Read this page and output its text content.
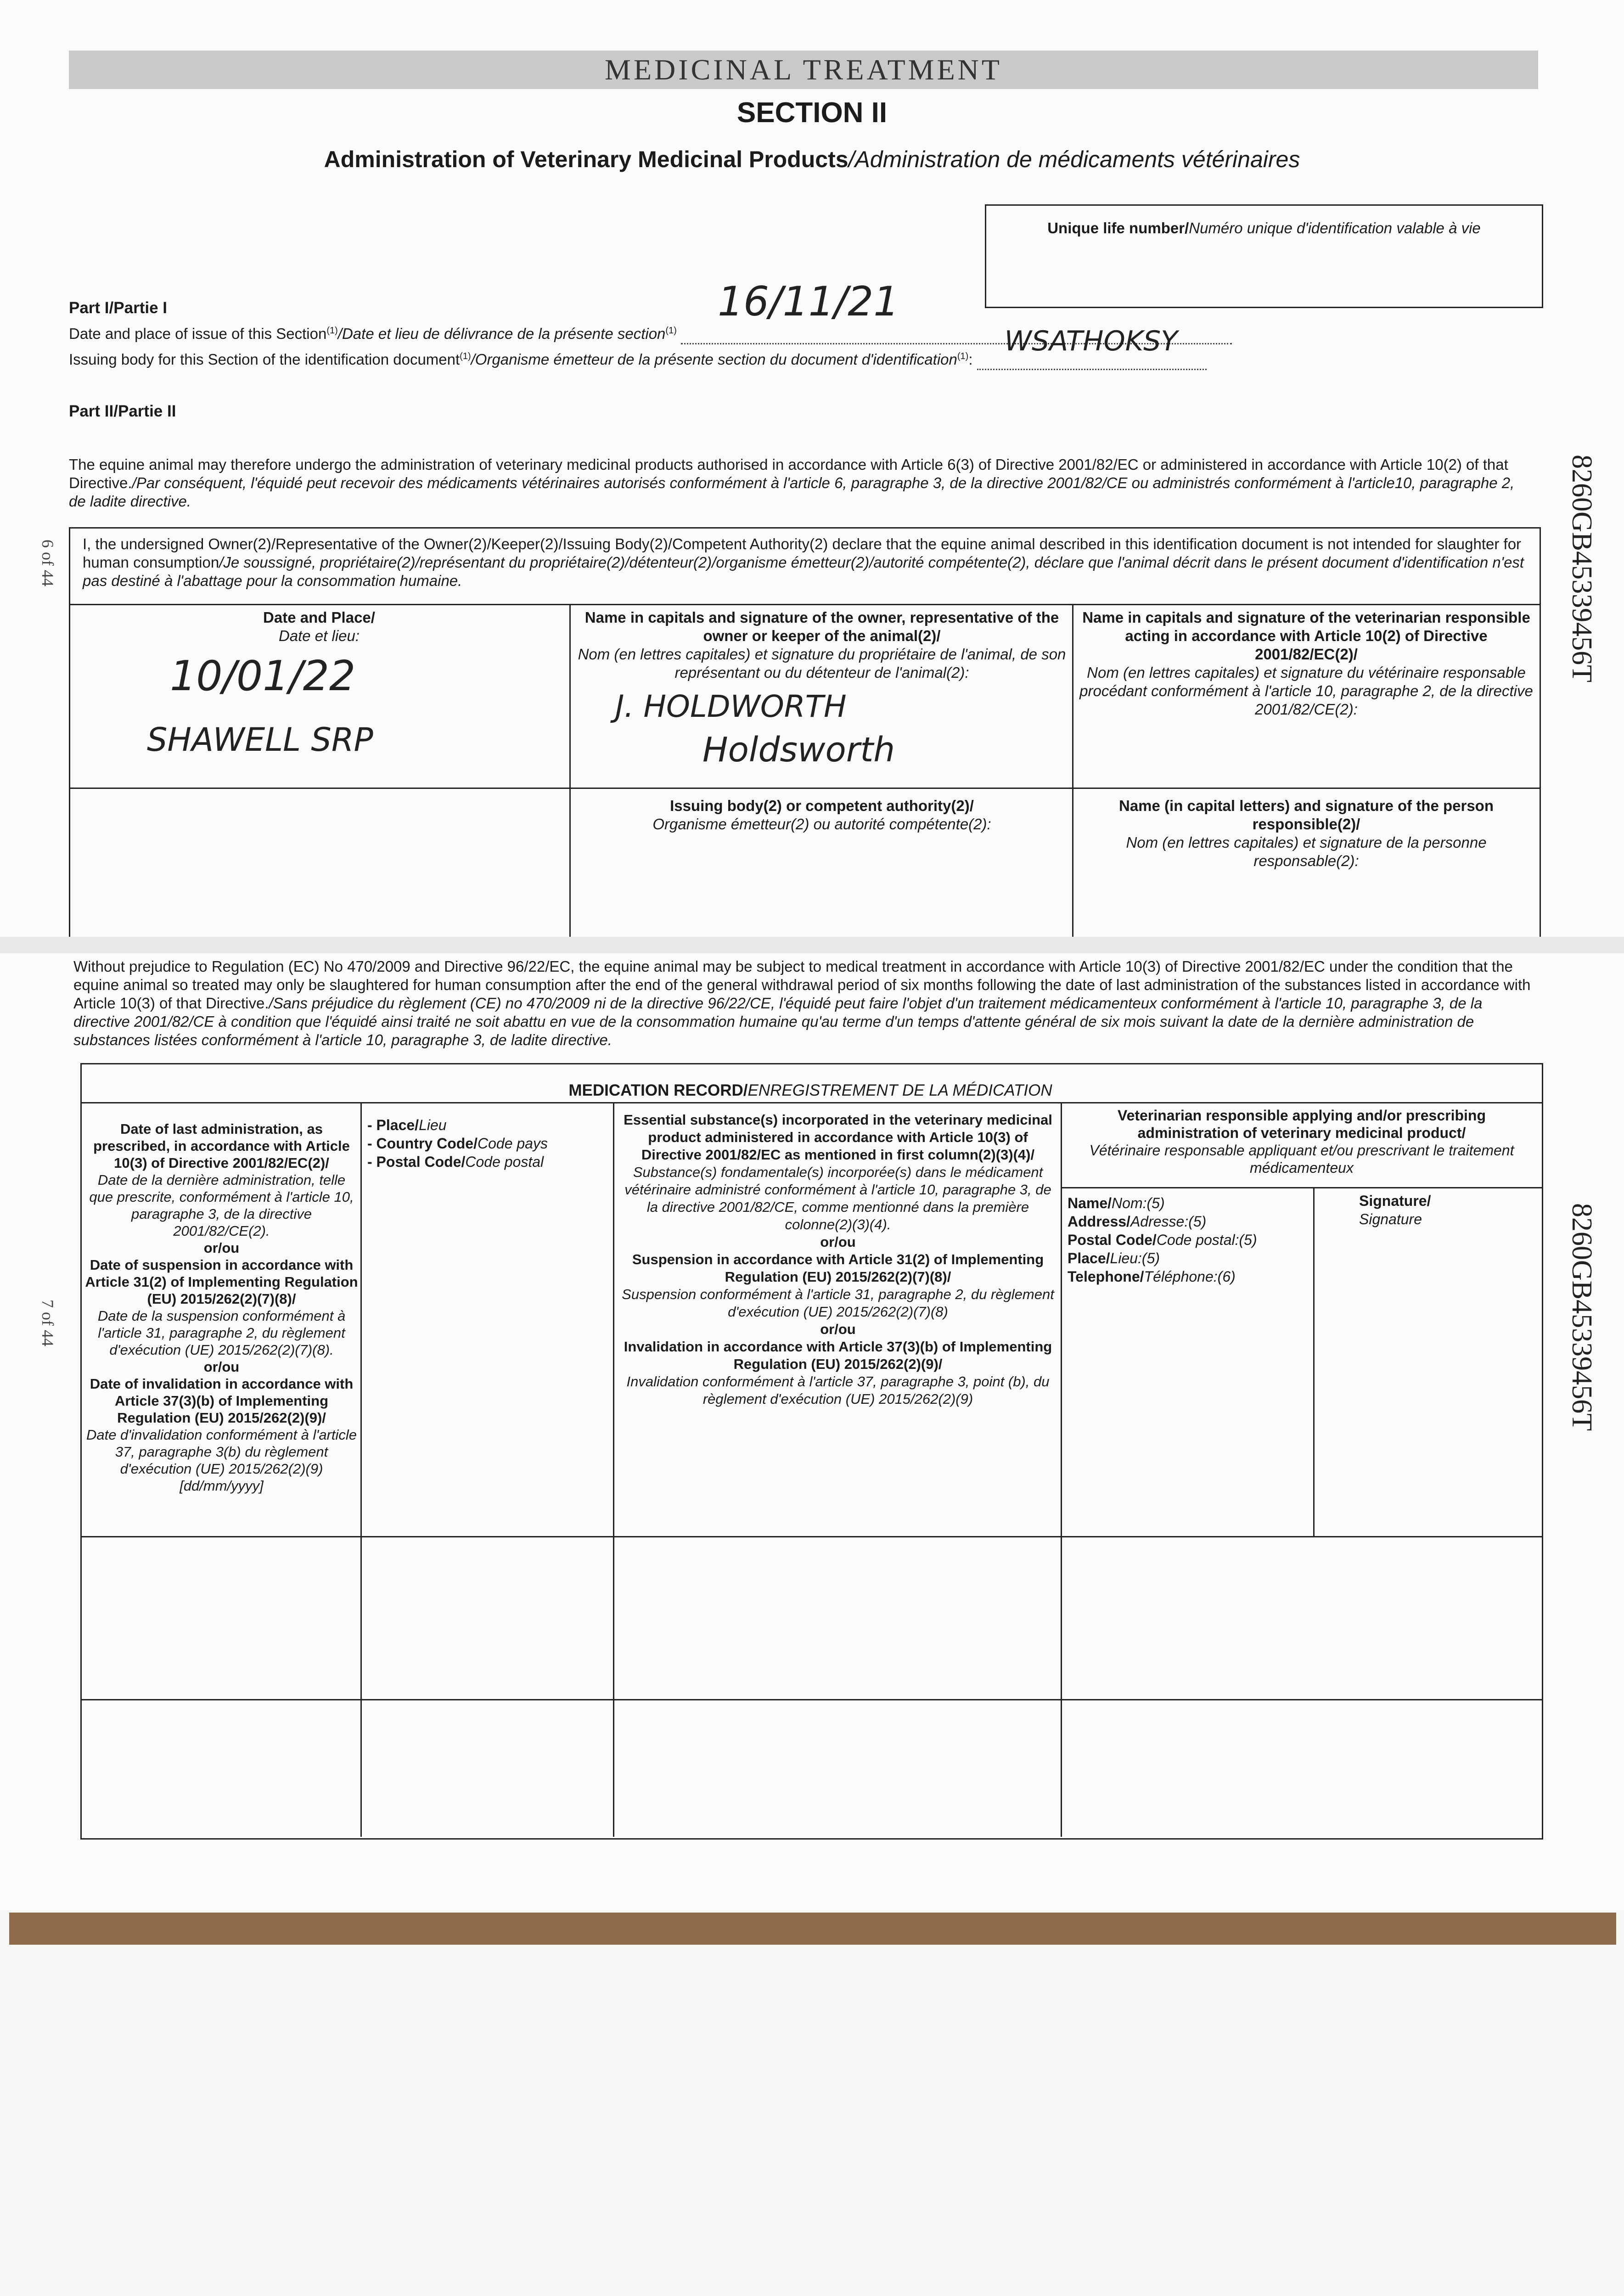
MEDICINAL TREATMENT
SECTION II
Administration of Veterinary Medicinal Products/Administration de médicaments vétérinaires
Unique life number/Numéro unique d'identification valable à vie
Part I/Partie I
Date and place of issue of this Section$^{(1)}$/Date et lieu de délivrance de la présente section$^{(1)}$
16/11/21

Issuing body for this Section of the identification document$^{(1)}$/Organisme émetteur de la présente section du document d'identification$^{(1)}$:
WSATHOKSY

Part II/Partie II
The equine animal may therefore undergo the administration of veterinary medicinal products authorised in accordance with Article 6(3) of Directive 2001/82/EC or administered in accordance with Article 10(2) of that Directive./Par conséquent, l'équidé peut recevoir des médicaments vétérinaires autorisés conformément à l'article 6, paragraphe 3, de la directive 2001/82/CE ou administrés conformément à l'article10, paragraphe 2, de ladite directive.
I, the undersigned Owner(2)/Representative of the Owner(2)/Keeper(2)/Issuing Body(2)/Competent Authority(2) declare that the equine animal described in this identification document is not intended for slaughter for human consumption/Je soussigné, propriétaire(2)/représentant du propriétaire(2)/détenteur(2)/organisme émetteur(2)/autorité compétente(2), déclare que l'animal décrit dans le présent document d'identification n'est pas destiné à l'abattage pour la consommation humaine.
Date and Place/
Date et lieu:
10/01/22
SHAWELL SRP
Name in capitals and signature of the owner, representative of the owner or keeper of the animal(2)/
Nom (en lettres capitales) et signature du propriétaire de l'animal, de son représentant ou du détenteur de l'animal(2):
J. HOLDWORTH
Holdsworth
Name in capitals and signature of the veterinarian responsible acting in accordance with Article 10(2) of Directive 2001/82/EC(2)/
Nom (en lettres capitales) et signature du vétérinaire responsable procédant conformément à l'article 10, paragraphe 2, de la directive 2001/82/CE(2):
Issuing body(2) or competent authority(2)/
Organisme émetteur(2) ou autorité compétente(2):
Name (in capital letters) and signature of the person responsible(2)/
Nom (en lettres capitales) et signature de la personne responsable(2):
Without prejudice to Regulation (EC) No 470/2009 and Directive 96/22/EC, the equine animal may be subject to medical treatment in accordance with Article 10(3) of Directive 2001/82/EC under the condition that the equine animal so treated may only be slaughtered for human consumption after the end of the general withdrawal period of six months following the date of last administration of the substances listed in accordance with Article 10(3) of that Directive./Sans préjudice du règlement (CE) no 470/2009 ni de la directive 96/22/CE, l'équidé peut faire l'objet d'un traitement médicamenteux conformément à l'article 10, paragraphe 3, de la directive 2001/82/CE à condition que l'équidé ainsi traité ne soit abattu en vue de la consommation humaine qu'au terme d'un temps d'attente général de six mois suivant la date de la dernière administration de substances listées conformément à l'article 10, paragraphe 3, de ladite directive.
MEDICATION RECORD/ENREGISTREMENT DE LA MÉDICATION
Date of last administration, as prescribed, in accordance with Article 10(3) of Directive 2001/82/EC(2)/
Date de la dernière administration, telle que prescrite, conformément à l'article 10, paragraphe 3, de la directive 2001/82/CE(2).
or/ou
Date of suspension in accordance with Article 31(2) of Implementing Regulation (EU) 2015/262(2)(7)(8)/
Date de la suspension conformément à l'article 31, paragraphe 2, du règlement d'exécution (UE) 2015/262(2)(7)(8).
or/ou
Date of invalidation in accordance with Article 37(3)(b) of Implementing Regulation (EU) 2015/262(2)(9)/
Date d'invalidation conformément à l'article 37, paragraphe 3(b) du règlement d'exécution (UE) 2015/262(2)(9)
[dd/mm/yyyy]
- Place/Lieu
- Country Code/Code pays
- Postal Code/Code postal
Essential substance(s) incorporated in the veterinary medicinal product administered in accordance with Article 10(3) of Directive 2001/82/EC as mentioned in first column(2)(3)(4)/
Substance(s) fondamentale(s) incorporée(s) dans le médicament vétérinaire administré conformément à l'article 10, paragraphe 3, de la directive 2001/82/CE, comme mentionné dans la première colonne(2)(3)(4).
or/ou
Suspension in accordance with Article 31(2) of Implementing Regulation (EU) 2015/262(2)(7)(8)/
Suspension conformément à l'article 31, paragraphe 2, du règlement d'exécution (UE) 2015/262(2)(7)(8)
or/ou
Invalidation in accordance with Article 37(3)(b) of Implementing Regulation (EU) 2015/262(2)(9)/
Invalidation conformément à l'article 37, paragraphe 3, point (b), du règlement d'exécution (UE) 2015/262(2)(9)
Veterinarian responsible applying and/or prescribing administration of veterinary medicinal product/
Vétérinaire responsable appliquant et/ou prescrivant le traitement médicamenteux
Name/Nom:(5)
Address/Adresse:(5)
Postal Code/Code postal:(5)
Place/Lieu:(5)
Telephone/Téléphone:(6)
Signature/
Signature
8260GB45339456T
8260GB45339456T
6 of 44
7 of 44
